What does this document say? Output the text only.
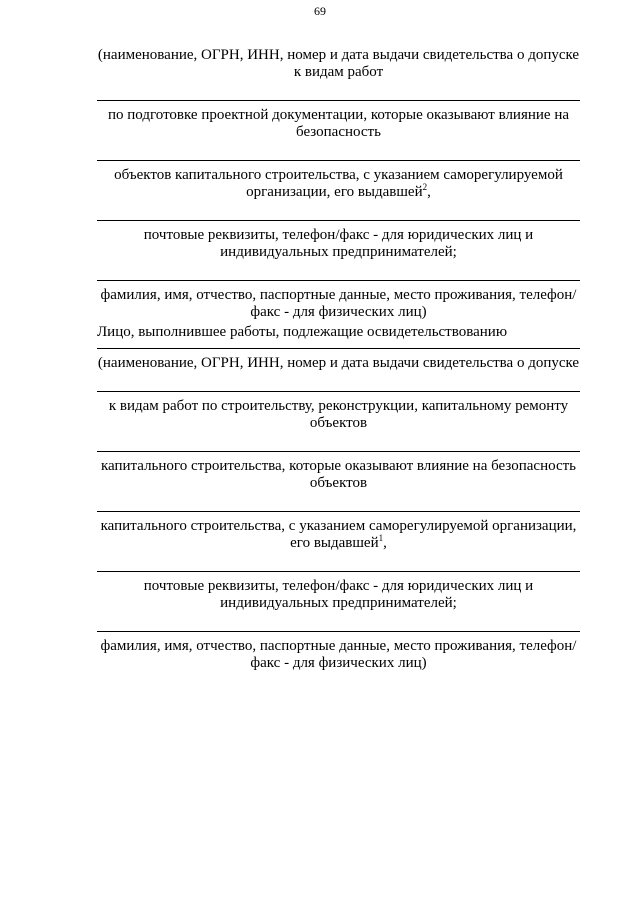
69

(наименование, ОГРН, ИНН, номер и дата выдачи свидетельства о допуске к видам работ

по подготовке проектной документации, которые оказывают влияние на безопасность

объектов капитального строительства, с указанием саморегулируемой организации, его выдавшей$^2$,

почтовые реквизиты, телефон/факс - для юридических лиц и индивидуальных предпринимателей;

фамилия, имя, отчество, паспортные данные, место проживания, телефон/факс - для физических лиц)

Лицо, выполнившее работы, подлежащие освидетельствованию

(наименование, ОГРН, ИНН, номер и дата выдачи свидетельства о допуске

к видам работ по строительству, реконструкции, капитальному ремонту объектов

капитального строительства, которые оказывают влияние на безопасность объектов

капитального строительства, с указанием саморегулируемой организации, его выдавшей$^1$,

почтовые реквизиты, телефон/факс - для юридических лиц и индивидуальных предпринимателей;

фамилия, имя, отчество, паспортные данные, место проживания, телефон/факс - для физических лиц)
